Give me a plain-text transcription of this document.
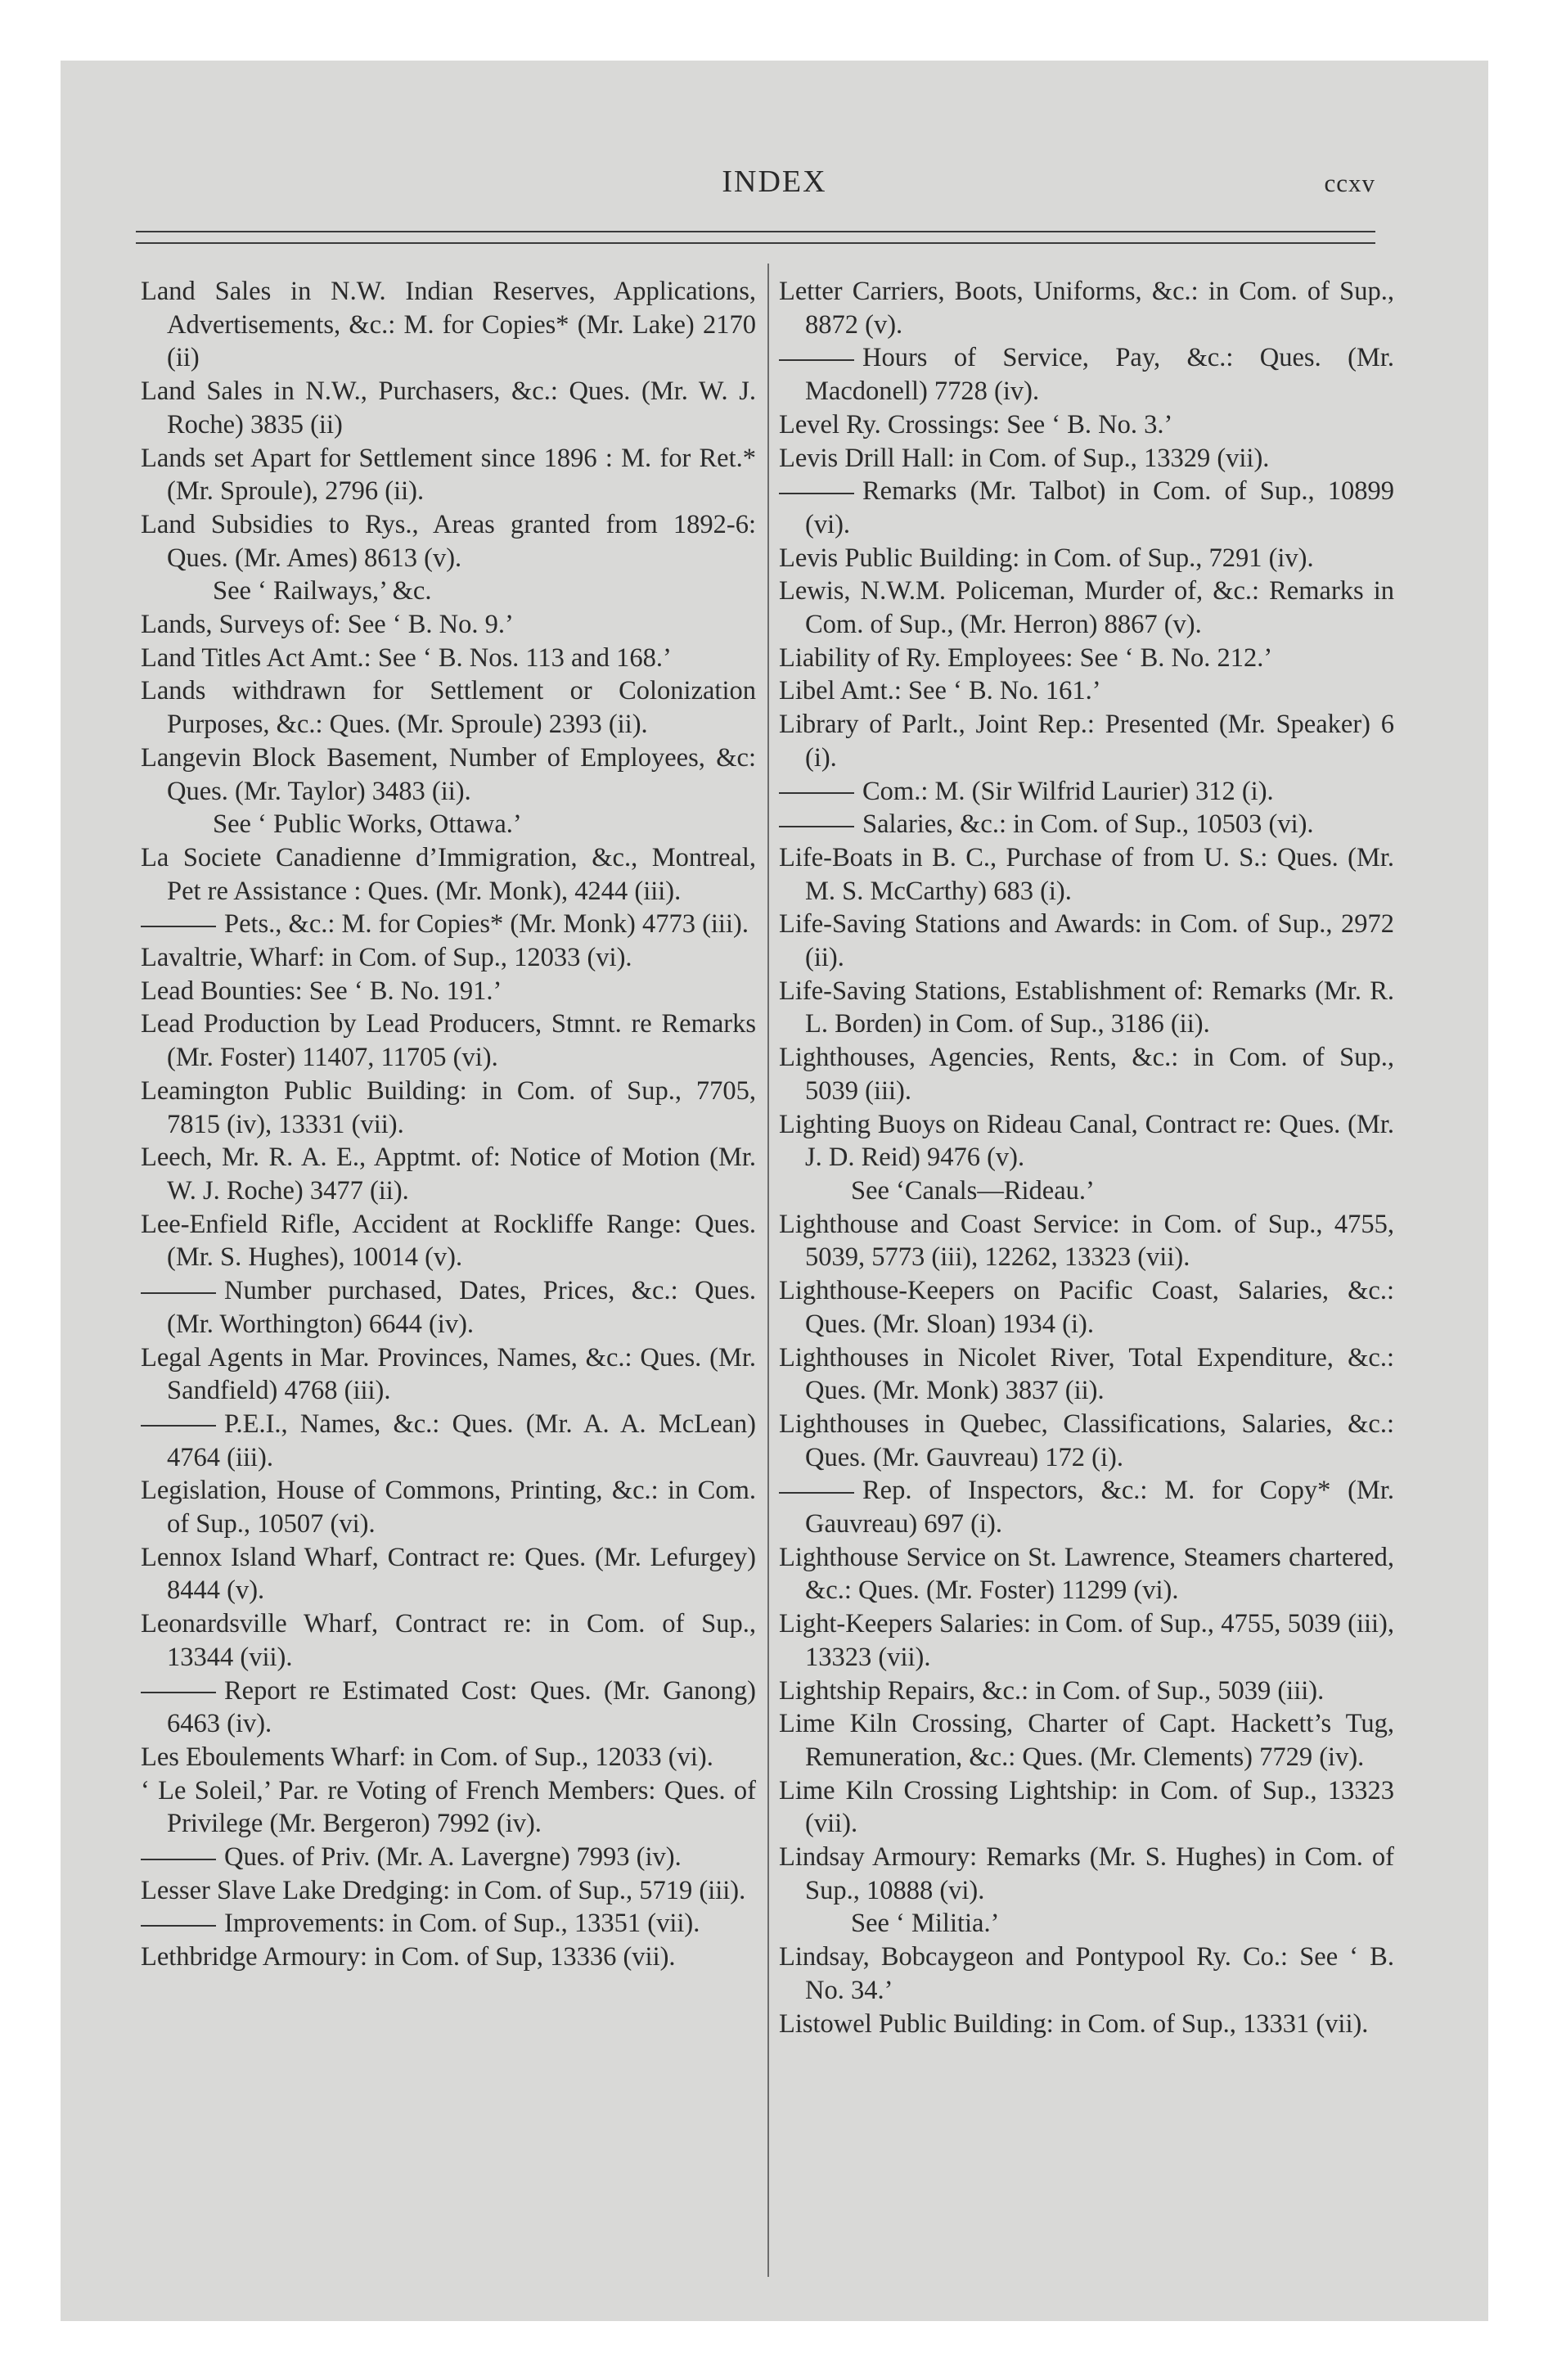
INDEX	ccxv
Land Sales in N.W. Indian Reserves, Applications, Advertisements, &c.: M. for Copies* (Mr. Lake) 2170 (ii)
Land Sales in N.W., Purchasers, &c.: Ques. (Mr. W. J. Roche) 3835 (ii)
Lands set Apart for Settlement since 1896 : M. for Ret.* (Mr. Sproule), 2796 (ii).
Land Subsidies to Rys., Areas granted from 1892-6: Ques. (Mr. Ames) 8613 (v).
See ‘ Railways,’ &c.
Lands, Surveys of: See ‘ B. No. 9.’
Land Titles Act Amt.: See ‘ B. Nos. 113 and 168.’
Lands withdrawn for Settlement or Colonization Purposes, &c.: Ques. (Mr. Sproule) 2393 (ii).
Langevin Block Basement, Number of Employees, &c: Ques. (Mr. Taylor) 3483 (ii).
See ‘ Public Works, Ottawa.’
La Societe Canadienne d’Immigration, &c., Montreal, Pet re Assistance : Ques. (Mr. Monk), 4244 (iii).
Pets., &c.: M. for Copies* (Mr. Monk) 4773 (iii).
Lavaltrie, Wharf: in Com. of Sup., 12033 (vi).
Lead Bounties: See ‘ B. No. 191.’
Lead Production by Lead Producers, Stmnt. re Remarks (Mr. Foster) 11407, 11705 (vi).
Leamington Public Building: in Com. of Sup., 7705, 7815 (iv), 13331 (vii).
Leech, Mr. R. A. E., Apptmt. of: Notice of Motion (Mr. W. J. Roche) 3477 (ii).
Lee-Enfield Rifle, Accident at Rockliffe Range: Ques. (Mr. S. Hughes), 10014 (v).
Number purchased, Dates, Prices, &c.: Ques. (Mr. Worthington) 6644 (iv).
Legal Agents in Mar. Provinces, Names, &c.: Ques. (Mr. Sandfield) 4768 (iii).
P.E.I., Names, &c.: Ques. (Mr. A. A. McLean) 4764 (iii).
Legislation, House of Commons, Printing, &c.: in Com. of Sup., 10507 (vi).
Lennox Island Wharf, Contract re: Ques. (Mr. Lefurgey) 8444 (v).
Leonardsville Wharf, Contract re: in Com. of Sup., 13344 (vii).
Report re Estimated Cost: Ques. (Mr. Ganong) 6463 (iv).
Les Eboulements Wharf: in Com. of Sup., 12033 (vi).
‘ Le Soleil,’ Par. re Voting of French Members: Ques. of Privilege (Mr. Bergeron) 7992 (iv).
Ques. of Priv. (Mr. A. Lavergne) 7993 (iv).
Lesser Slave Lake Dredging: in Com. of Sup., 5719 (iii).
Improvements: in Com. of Sup., 13351 (vii).
Lethbridge Armoury: in Com. of Sup, 13336 (vii).
Letter Carriers, Boots, Uniforms, &c.: in Com. of Sup., 8872 (v).
Hours of Service, Pay, &c.: Ques. (Mr. Macdonell) 7728 (iv).
Level Ry. Crossings: See ‘ B. No. 3.’
Levis Drill Hall: in Com. of Sup., 13329 (vii).
Remarks (Mr. Talbot) in Com. of Sup., 10899 (vi).
Levis Public Building: in Com. of Sup., 7291 (iv).
Lewis, N.W.M. Policeman, Murder of, &c.: Remarks in Com. of Sup., (Mr. Herron) 8867 (v).
Liability of Ry. Employees: See ‘ B. No. 212.’
Libel Amt.: See ‘ B. No. 161.’
Library of Parlt., Joint Rep.: Presented (Mr. Speaker) 6 (i).
Com.: M. (Sir Wilfrid Laurier) 312 (i).
Salaries, &c.: in Com. of Sup., 10503 (vi).
Life-Boats in B. C., Purchase of from U. S.: Ques. (Mr. M. S. McCarthy) 683 (i).
Life-Saving Stations and Awards: in Com. of Sup., 2972 (ii).
Life-Saving Stations, Establishment of: Remarks (Mr. R. L. Borden) in Com. of Sup., 3186 (ii).
Lighthouses, Agencies, Rents, &c.: in Com. of Sup., 5039 (iii).
Lighting Buoys on Rideau Canal, Contract re: Ques. (Mr. J. D. Reid) 9476 (v).
See ‘Canals—Rideau.’
Lighthouse and Coast Service: in Com. of Sup., 4755, 5039, 5773 (iii), 12262, 13323 (vii).
Lighthouse-Keepers on Pacific Coast, Salaries, &c.: Ques. (Mr. Sloan) 1934 (i).
Lighthouses in Nicolet River, Total Expenditure, &c.: Ques. (Mr. Monk) 3837 (ii).
Lighthouses in Quebec, Classifications, Salaries, &c.: Ques. (Mr. Gauvreau) 172 (i).
Rep. of Inspectors, &c.: M. for Copy* (Mr. Gauvreau) 697 (i).
Lighthouse Service on St. Lawrence, Steamers chartered, &c.: Ques. (Mr. Foster) 11299 (vi).
Light-Keepers Salaries: in Com. of Sup., 4755, 5039 (iii), 13323 (vii).
Lightship Repairs, &c.: in Com. of Sup., 5039 (iii).
Lime Kiln Crossing, Charter of Capt. Hackett’s Tug, Remuneration, &c.: Ques. (Mr. Clements) 7729 (iv).
Lime Kiln Crossing Lightship: in Com. of Sup., 13323 (vii).
Lindsay Armoury: Remarks (Mr. S. Hughes) in Com. of Sup., 10888 (vi).
See ‘ Militia.’
Lindsay, Bobcaygeon and Pontypool Ry. Co.: See ‘ B. No. 34.’
Listowel Public Building: in Com. of Sup., 13331 (vii).
